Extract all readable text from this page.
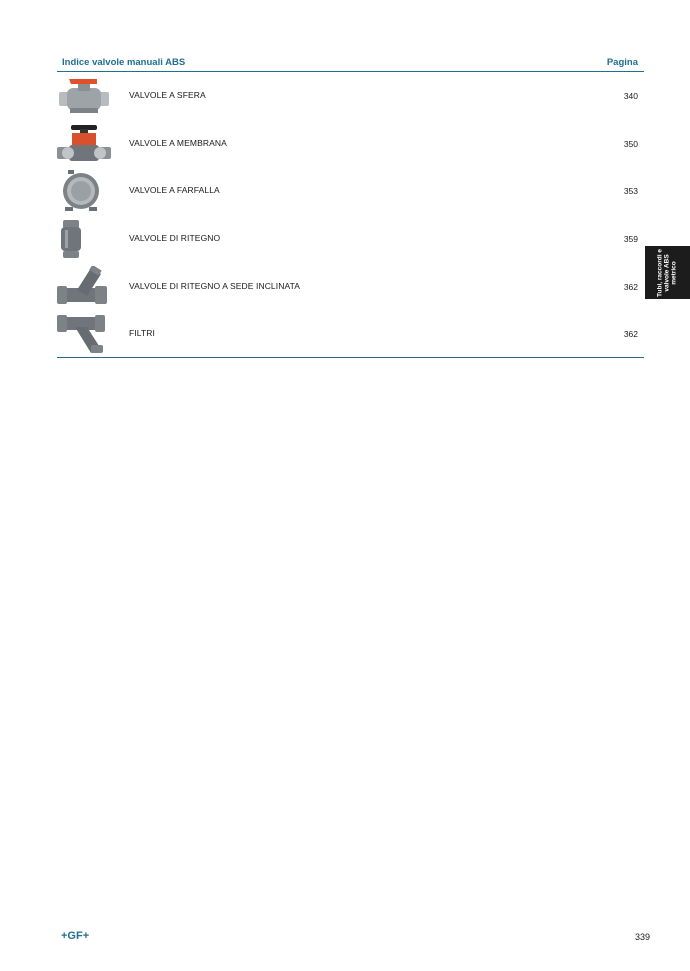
Indice valvole manuali ABS	Pagina
VALVOLE A SFERA	340
VALVOLE A MEMBRANA	350
VALVOLE A FARFALLA	353
VALVOLE DI RITEGNO	359
VALVOLE DI RITEGNO A SEDE INCLINATA	362
FILTRI	362
Tubi, raccordi e valvole ABS metrico
+GF+	339
